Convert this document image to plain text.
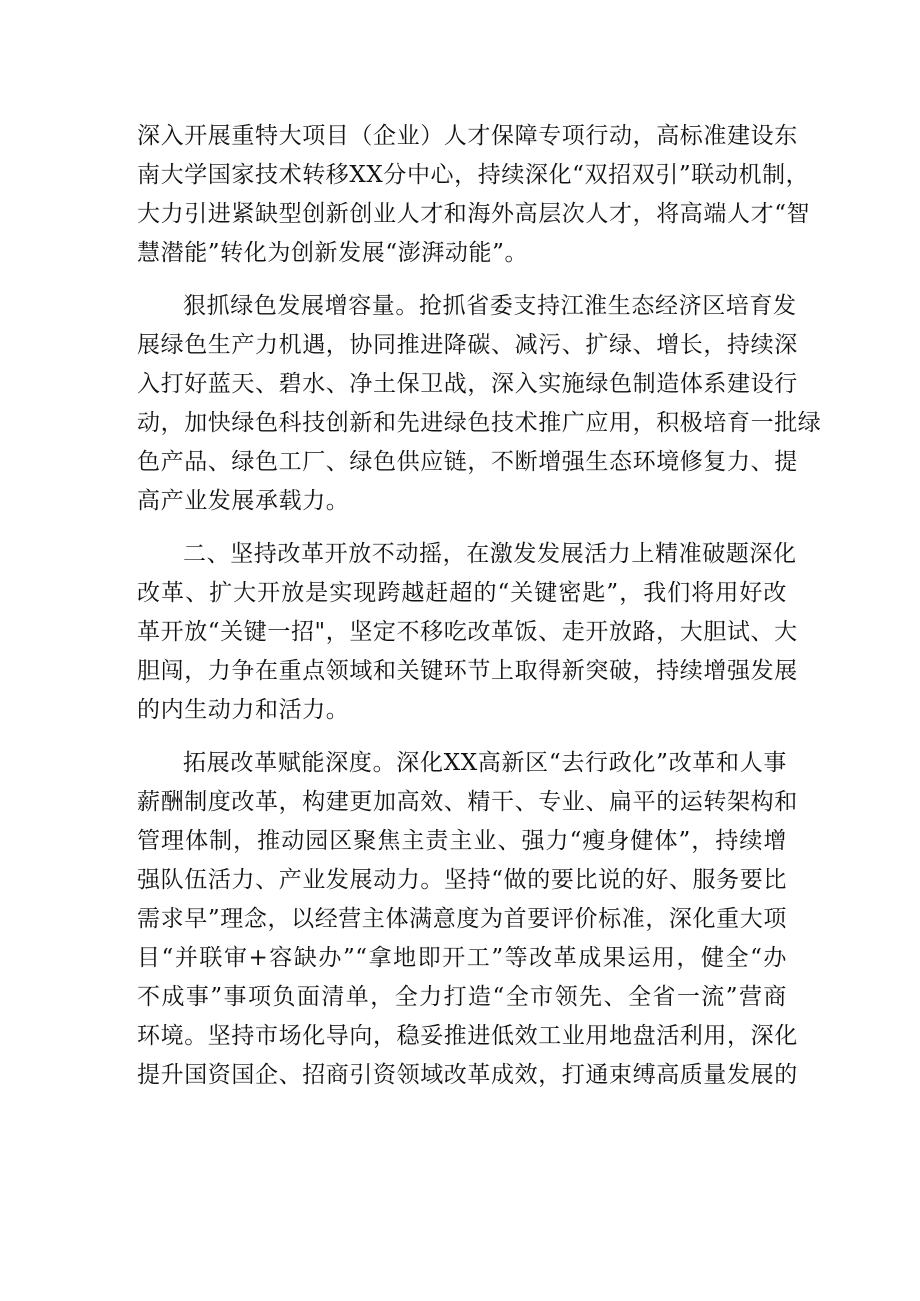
深入开展重特大项目（企业）人才保障专项行动，高标准建设东
南大学国家技术转移XX分中心，持续深化“双招双引”联动机制，
大力引进紧缺型创新创业人才和海外高层次人才，将高端人才“智
慧潜能”转化为创新发展“澎湃动能”。
狠抓绿色发展增容量。抢抓省委支持江淮生态经济区培育发
展绿色生产力机遇，协同推进降碳、减污、扩绿、增长，持续深
入打好蓝天、碧水、净土保卫战，深入实施绿色制造体系建设行
动，加快绿色科技创新和先进绿色技术推广应用，积极培育一批绿
色产品、绿色工厂、绿色供应链，不断增强生态环境修复力、提
高产业发展承载力。
二、坚持改革开放不动摇，在激发发展活力上精准破题深化
改革、扩大开放是实现跨越赶超的“关键密匙”，我们将用好改
革开放“关键一招"，坚定不移吃改革饭、走开放路，大胆试、大
胆闯，力争在重点领域和关键环节上取得新突破，持续增强发展
的内生动力和活力。
拓展改革赋能深度。深化XX高新区“去行政化”改革和人事
薪酬制度改革，构建更加高效、精干、专业、扁平的运转架构和
管理体制，推动园区聚焦主责主业、强力“瘦身健体”，持续增
强队伍活力、产业发展动力。坚持“做的要比说的好、服务要比
需求早”理念，以经营主体满意度为首要评价标准，深化重大项
目“并联审+容缺办”“拿地即开工”等改革成果运用，健全“办
不成事”事项负面清单，全力打造“全市领先、全省一流”营商
环境。坚持市场化导向，稳妥推进低效工业用地盘活利用，深化
提升国资国企、招商引资领域改革成效，打通束缚高质量发展的
